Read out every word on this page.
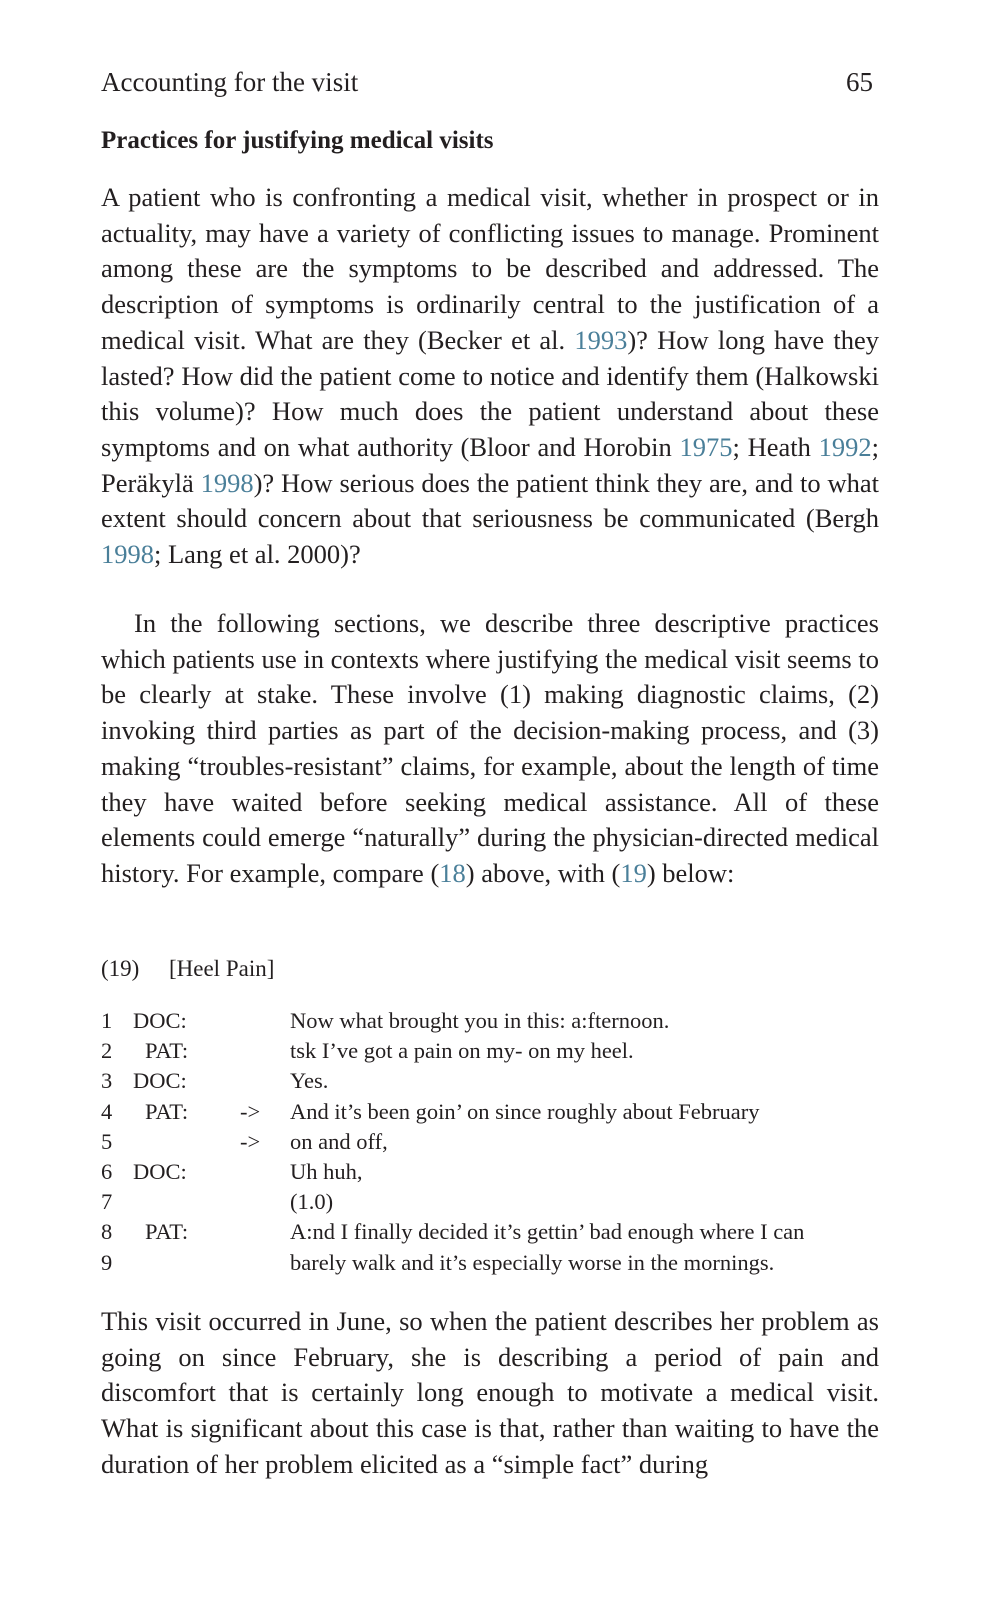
Accounting for the visit	65
Practices for justifying medical visits

A patient who is confronting a medical visit, whether in prospect or in actuality, may have a variety of conflicting issues to manage. Prominent among these are the symptoms to be described and addressed. The description of symptoms is ordinarily central to the justification of a medical visit. What are they (Becker et al. 1993)? How long have they lasted? How did the patient come to notice and identify them (Halkowski this volume)? How much does the patient understand about these symptoms and on what authority (Bloor and Horobin 1975; Heath 1992; Peräkylä 1998)? How serious does the patient think they are, and to what extent should concern about that seriousness be communicated (Bergh 1998; Lang et al. 2000)?

In the following sections, we describe three descriptive practices which patients use in contexts where justifying the medical visit seems to be clearly at stake. These involve (1) making diagnostic claims, (2) invoking third parties as part of the decision-making process, and (3) making “troubles-resistant” claims, for example, about the length of time they have waited before seeking medical assistance. All of these elements could emerge “naturally” during the physician-directed medical history. For example, compare (18) above, with (19) below:

(19) [Heel Pain]
1 DOC:	Now what brought you in this: a:fternoon.
2 PAT:	tsk I’ve got a pain on my- on my heel.
3 DOC:	Yes.
4 PAT: -> And it’s been goin’ on since roughly about February
5	-> on and off,
6 DOC:	Uh huh,
7	(1.0)
8 PAT:	A:nd I finally decided it’s gettin’ bad enough where I can
9	barely walk and it’s especially worse in the mornings.

This visit occurred in June, so when the patient describes her problem as going on since February, she is describing a period of pain and discomfort that is certainly long enough to motivate a medical visit. What is significant about this case is that, rather than waiting to have the duration of her problem elicited as a “simple fact” during
